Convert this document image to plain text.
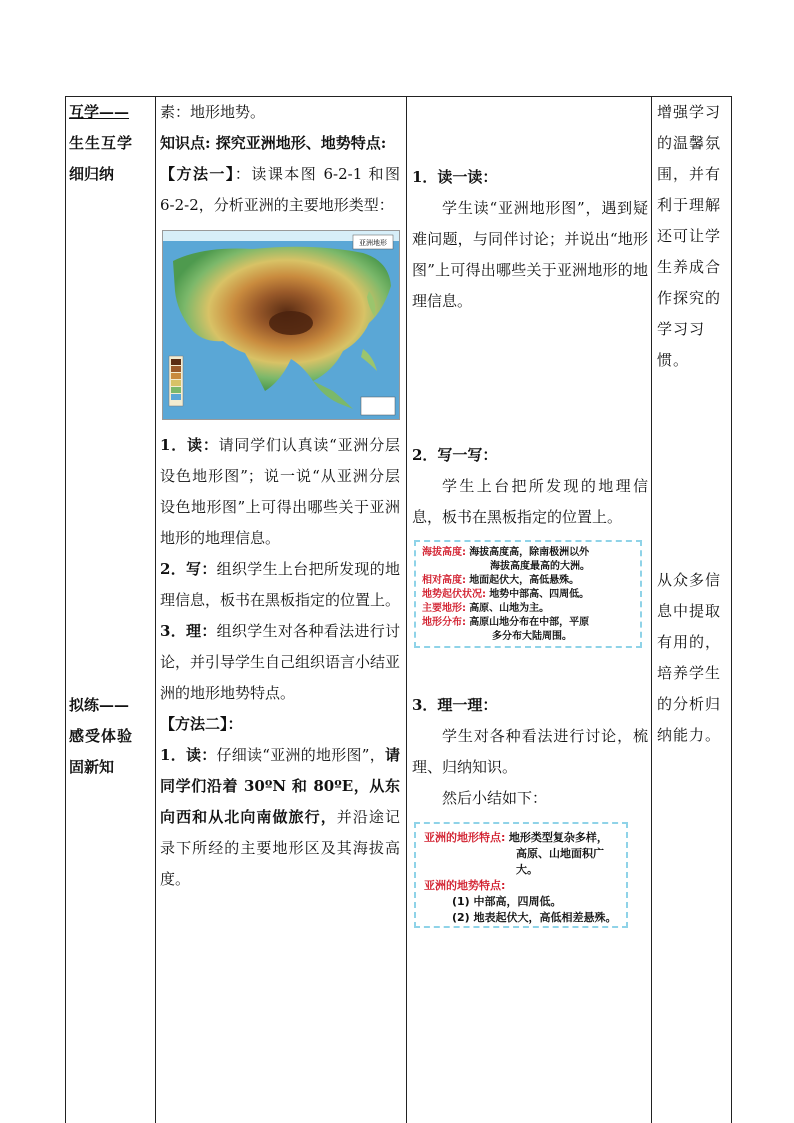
互学——
生生互学
细归纳
拟练——
感受体验
固新知
素：地形地势。
知识点: 探究亚洲地形、地势特点:
【方法一】：读课本图 6-2-1 和图 6-2-2，分析亚洲的主要地形类型：
亚洲地形
1．读：请同学们认真读“亚洲分层设色地形图”；说一说“从亚洲分层设色地形图”上可得出哪些关于亚洲地形的地理信息。
2．写：组织学生上台把所发现的地理信息，板书在黑板指定的位置上。
3．理：组织学生对各种看法进行讨论，并引导学生自己组织语言小结亚洲的地形地势特点。
【方法二】：
1．读：仔细读“亚洲的地形图”，请同学们沿着 30ºN 和 80ºE，从东向西和从北向南做旅行，并沿途记录下所经的主要地形区及其海拔高度。
1．读一读：
学生读“亚洲地形图”，遇到疑难问题，与同伴讨论；并说出“地形图”上可得出哪些关于亚洲地形的地理信息。
2．写一写：
学生上台把所发现的地理信息，板书在黑板指定的位置上。
海拔高度: 海拔高度高，除南极洲以外
海拔高度最高的大洲。
相对高度: 地面起伏大，高低悬殊。
地势起伏状况: 地势中部高、四周低。
主要地形: 高原、山地为主。
地形分布: 高原山地分布在中部，平原
多分布大陆周围。
3．理一理：
学生对各种看法进行讨论，梳理、归纳知识。
然后小结如下：
亚洲的地形特点: 地形类型复杂多样，
高原、山地面积广大。
亚洲的地势特点:
(1) 中部高，四周低。
(2) 地表起伏大，高低相差悬殊。
增强学习的温馨氛围，并有利于理解还可让学生养成合作探究的学习习惯。
从众多信息中提取有用的，培养学生的分析归纳能力。
